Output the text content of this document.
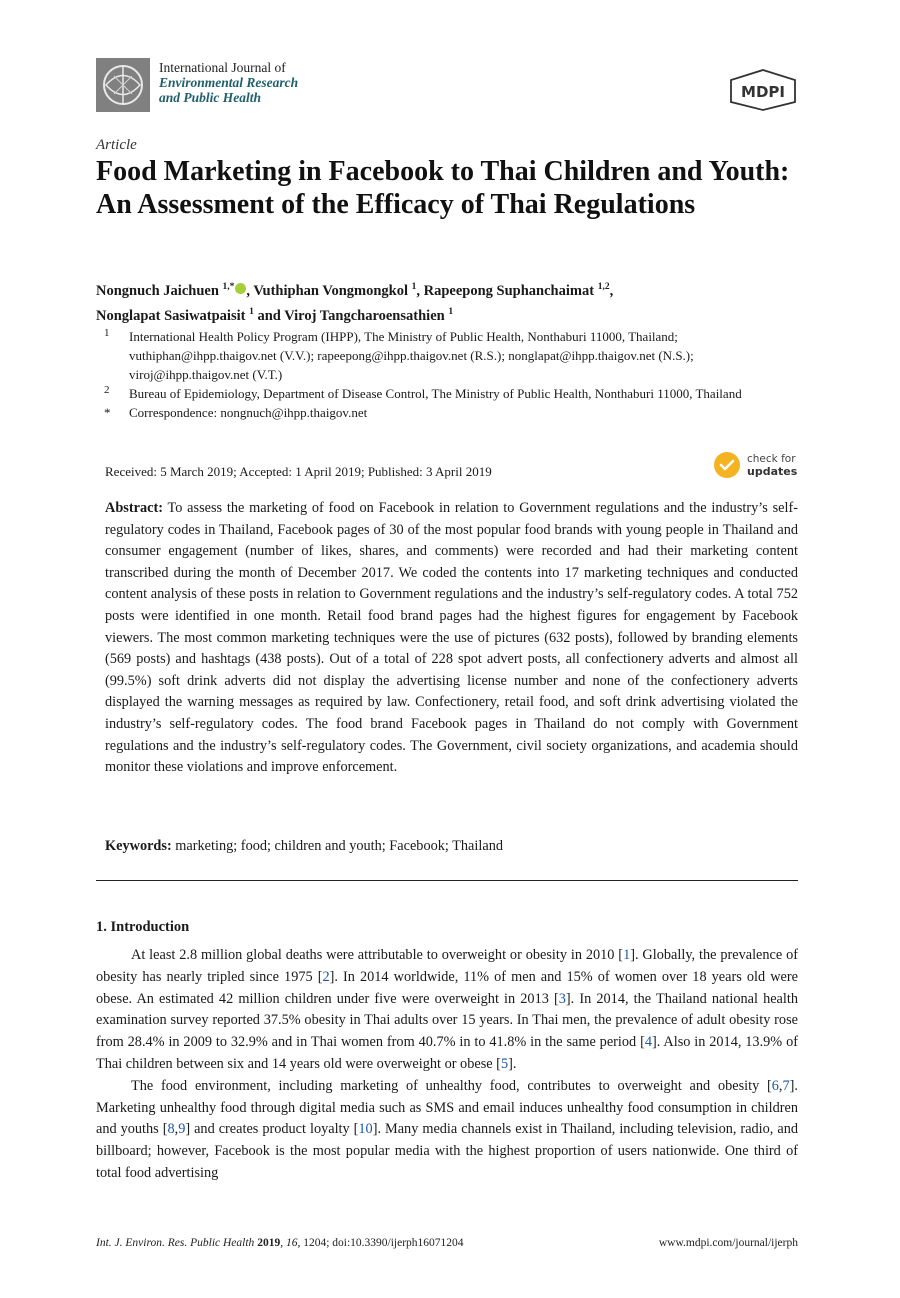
International Journal of
Environmental Research
and Public Health	MDPI
Article
Food Marketing in Facebook to Thai Children and Youth: An Assessment of the Efficacy of Thai Regulations
Nongnuch Jaichuen $^{1,*}$ , Vuthiphan Vongmongkol $^1$, Rapeepong Suphanchaimat $^{1,2}$,
Nonglapat Sasiwatpaisit $^1$ and Viroj Tangcharoensathien $^1$
1 International Health Policy Program (IHPP), The Ministry of Public Health, Nonthaburi 11000, Thailand; vuthiphan@ihpp.thaigov.net (V.V.); rapeepong@ihpp.thaigov.net (R.S.); nonglapat@ihpp.thaigov.net (N.S.); viroj@ihpp.thaigov.net (V.T.)
2 Bureau of Epidemiology, Department of Disease Control, The Ministry of Public Health, Nonthaburi 11000, Thailand
* Correspondence: nongnuch@ihpp.thaigov.net
Received: 5 March 2019; Accepted: 1 April 2019; Published: 3 April 2019
check for
updates
Abstract: To assess the marketing of food on Facebook in relation to Government regulations and the industry’s self-regulatory codes in Thailand, Facebook pages of 30 of the most popular food brands with young people in Thailand and consumer engagement (number of likes, shares, and comments) were recorded and had their marketing content transcribed during the month of December 2017. We coded the contents into 17 marketing techniques and conducted content analysis of these posts in relation to Government regulations and the industry’s self-regulatory codes. A total 752 posts were identified in one month. Retail food brand pages had the highest figures for engagement by Facebook viewers. The most common marketing techniques were the use of pictures (632 posts), followed by branding elements (569 posts) and hashtags (438 posts). Out of a total of 228 spot advert posts, all confectionery adverts and almost all (99.5%) soft drink adverts did not display the advertising license number and none of the confectionery adverts displayed the warning messages as required by law. Confectionery, retail food, and soft drink advertising violated the industry’s self-regulatory codes. The food brand Facebook pages in Thailand do not comply with Government regulations and the industry’s self-regulatory codes. The Government, civil society organizations, and academia should monitor these violations and improve enforcement.
Keywords: marketing; food; children and youth; Facebook; Thailand
1. Introduction

At least 2.8 million global deaths were attributable to overweight or obesity in 2010 [1]. Globally, the prevalence of obesity has nearly tripled since 1975 [2]. In 2014 worldwide, 11% of men and 15% of women over 18 years old were obese. An estimated 42 million children under five were overweight in 2013 [3]. In 2014, the Thailand national health examination survey reported 37.5% obesity in Thai adults over 15 years. In Thai men, the prevalence of adult obesity rose from 28.4% in 2009 to 32.9% and in Thai women from 40.7% in to 41.8% in the same period [4]. Also in 2014, 13.9% of Thai children between six and 14 years old were overweight or obese [5].

The food environment, including marketing of unhealthy food, contributes to overweight and obesity [6,7]. Marketing unhealthy food through digital media such as SMS and email induces unhealthy food consumption in children and youths [8,9] and creates product loyalty [10]. Many media channels exist in Thailand, including television, radio, and billboard; however, Facebook is the most popular media with the highest proportion of users nationwide. One third of total food advertising

Int. J. Environ. Res. Public Health 2019, 16, 1204; doi:10.3390/ijerph16071204	www.mdpi.com/journal/ijerph
